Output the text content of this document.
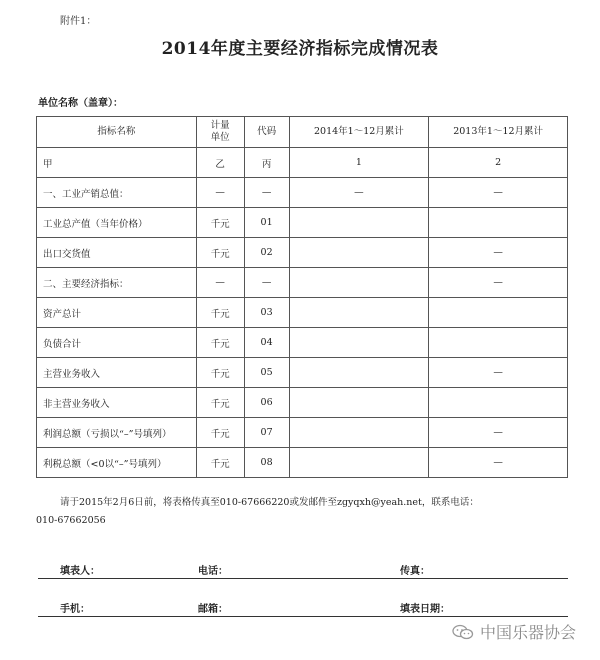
附件1：
2014年度主要经济指标完成情况表
单位名称（盖章）：
指标名称	计量单位	代码	2014年1～12月累计	2013年1～12月累计
甲	乙	丙	1	2
一、工业产销总值：	—	—	—	—
工业总产值（当年价格）	千元	01		
出口交货值	千元	02		—
二、主要经济指标：	—	—		—
资产总计	千元	03		
负债合计	千元	04		
主营业务收入	千元	05		—
非主营业务收入	千元	06		
利润总额（亏损以“–”号填列）	千元	07		—
利税总额（<0以“–”号填列）	千元	08		—
请于2015年2月6日前，将表格传真至010-67666220或发邮件至zgyqxh@yeah.net，联系电话：
010-67662056
填表人：	电话：	传真：
手机：	邮箱：	填表日期：
中国乐器协会
